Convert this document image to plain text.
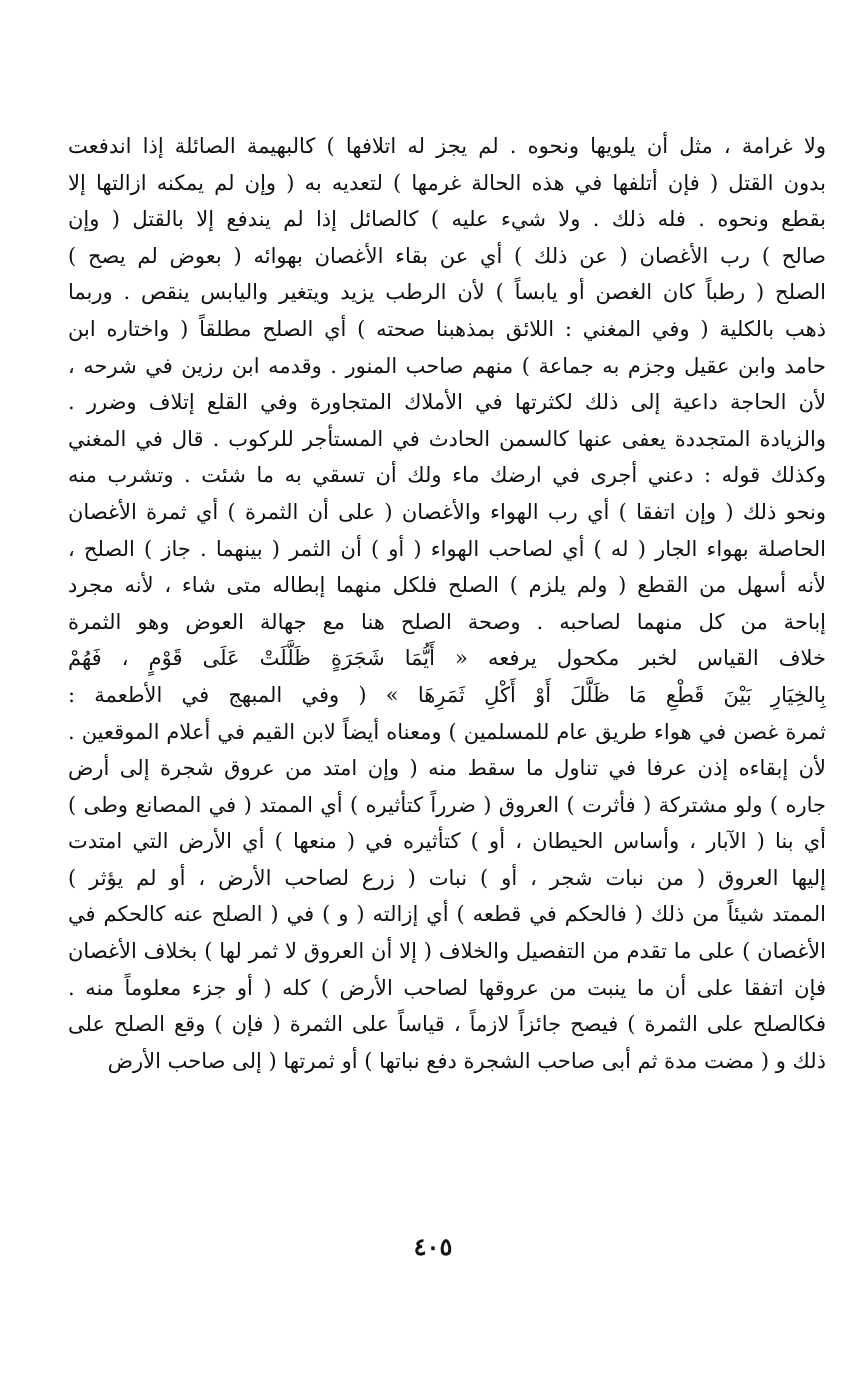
ولا غرامة ، مثل أن يلويها ونحوه . لم يجز له اتلافها ) كالبهيمة الصائلة إذا اندفعت
بدون القتل ( فإن أتلفها في هذه الحالة غرمها ) لتعديه به ( وإن لم يمكنه ازالتها إلا
بقطع ونحوه . فله ذلك . ولا شيء عليه ) كالصائل إذا لم يندفع إلا بالقتل ( وإن
صالح ) رب الأغصان ( عن ذلك ) أي عن بقاء الأغصان بهوائه ( بعوض لم يصح )
الصلح ( رطباً كان الغصن أو يابساً ) لأن الرطب يزيد ويتغير واليابس ينقص . وربما
ذهب بالكلية ( وفي المغني : اللائق بمذهبنا صحته ) أي الصلح مطلقاً ( واختاره ابن
حامد وابن عقيل وجزم به جماعة ) منهم صاحب المنور . وقدمه ابن رزين في شرحه ،
لأن الحاجة داعية إلى ذلك لكثرتها في الأملاك المتجاورة وفي القلع إتلاف وضرر .
والزيادة المتجددة يعفى عنها كالسمن الحادث في المستأجر للركوب . قال في المغني
وكذلك قوله : دعني أجرى في ارضك ماء ولك أن تسقي به ما شئت . وتشرب منه
ونحو ذلك ( وإن اتفقا ) أي رب الهواء والأغصان ( على أن الثمرة ) أي ثمرة الأغصان
الحاصلة بهواء الجار ( له ) أي لصاحب الهواء ( أو ) أن الثمر ( بينهما . جاز ) الصلح ،
لأنه أسهل من القطع ( ولم يلزم ) الصلح فلكل منهما إبطاله متى شاء ، لأنه مجرد
إباحة من كل منهما لصاحبه . وصحة الصلح هنا مع جهالة العوض وهو الثمرة
خلاف القياس لخبر مكحول يرفعه « أَيُّمَا شَجَرَةٍ ظَلَّلَتْ عَلَى قَوْمٍ ، فَهُمْ
بِالخِيَارِ بَيْنَ قَطْعِ مَا ظَلَّلَ أَوْ أَكْلِ ثَمَرِهَا » ( وفي المبهج في الأطعمة :
ثمرة غصن في هواء طريق عام للمسلمين ) ومعناه أيضاً لابن القيم في أعلام الموقعين .
لأن إبقاءه إذن عرفا في تناول ما سقط منه ( وإن امتد من عروق شجرة إلى أرض
جاره ) ولو مشتركة ( فأثرت ) العروق ( ضرراً كتأثيره ) أي الممتد ( في المصانع وطى )
أي بنا ( الآبار ، وأساس الحيطان ، أو ) كتأثيره في ( منعها ) أي الأرض التي امتدت
إليها العروق ( من نبات شجر ، أو ) نبات ( زرع لصاحب الأرض ، أو لم يؤثر )
الممتد شيئاً من ذلك ( فالحكم في قطعه ) أي إزالته ( و ) في ( الصلح عنه كالحكم في
الأغصان ) على ما تقدم من التفصيل والخلاف ( إلا أن العروق لا ثمر لها ) بخلاف الأغصان
فإن اتفقا على أن ما ينبت من عروقها لصاحب الأرض ) كله ( أو جزء معلوماً منه .
فكالصلح على الثمرة ) فيصح جائزاً لازماً ، قياساً على الثمرة ( فإن ) وقع الصلح على
ذلك و ( مضت مدة ثم أبى صاحب الشجرة دفع نباتها ) أو ثمرتها ( إلى صاحب الأرض
٤٠٥
